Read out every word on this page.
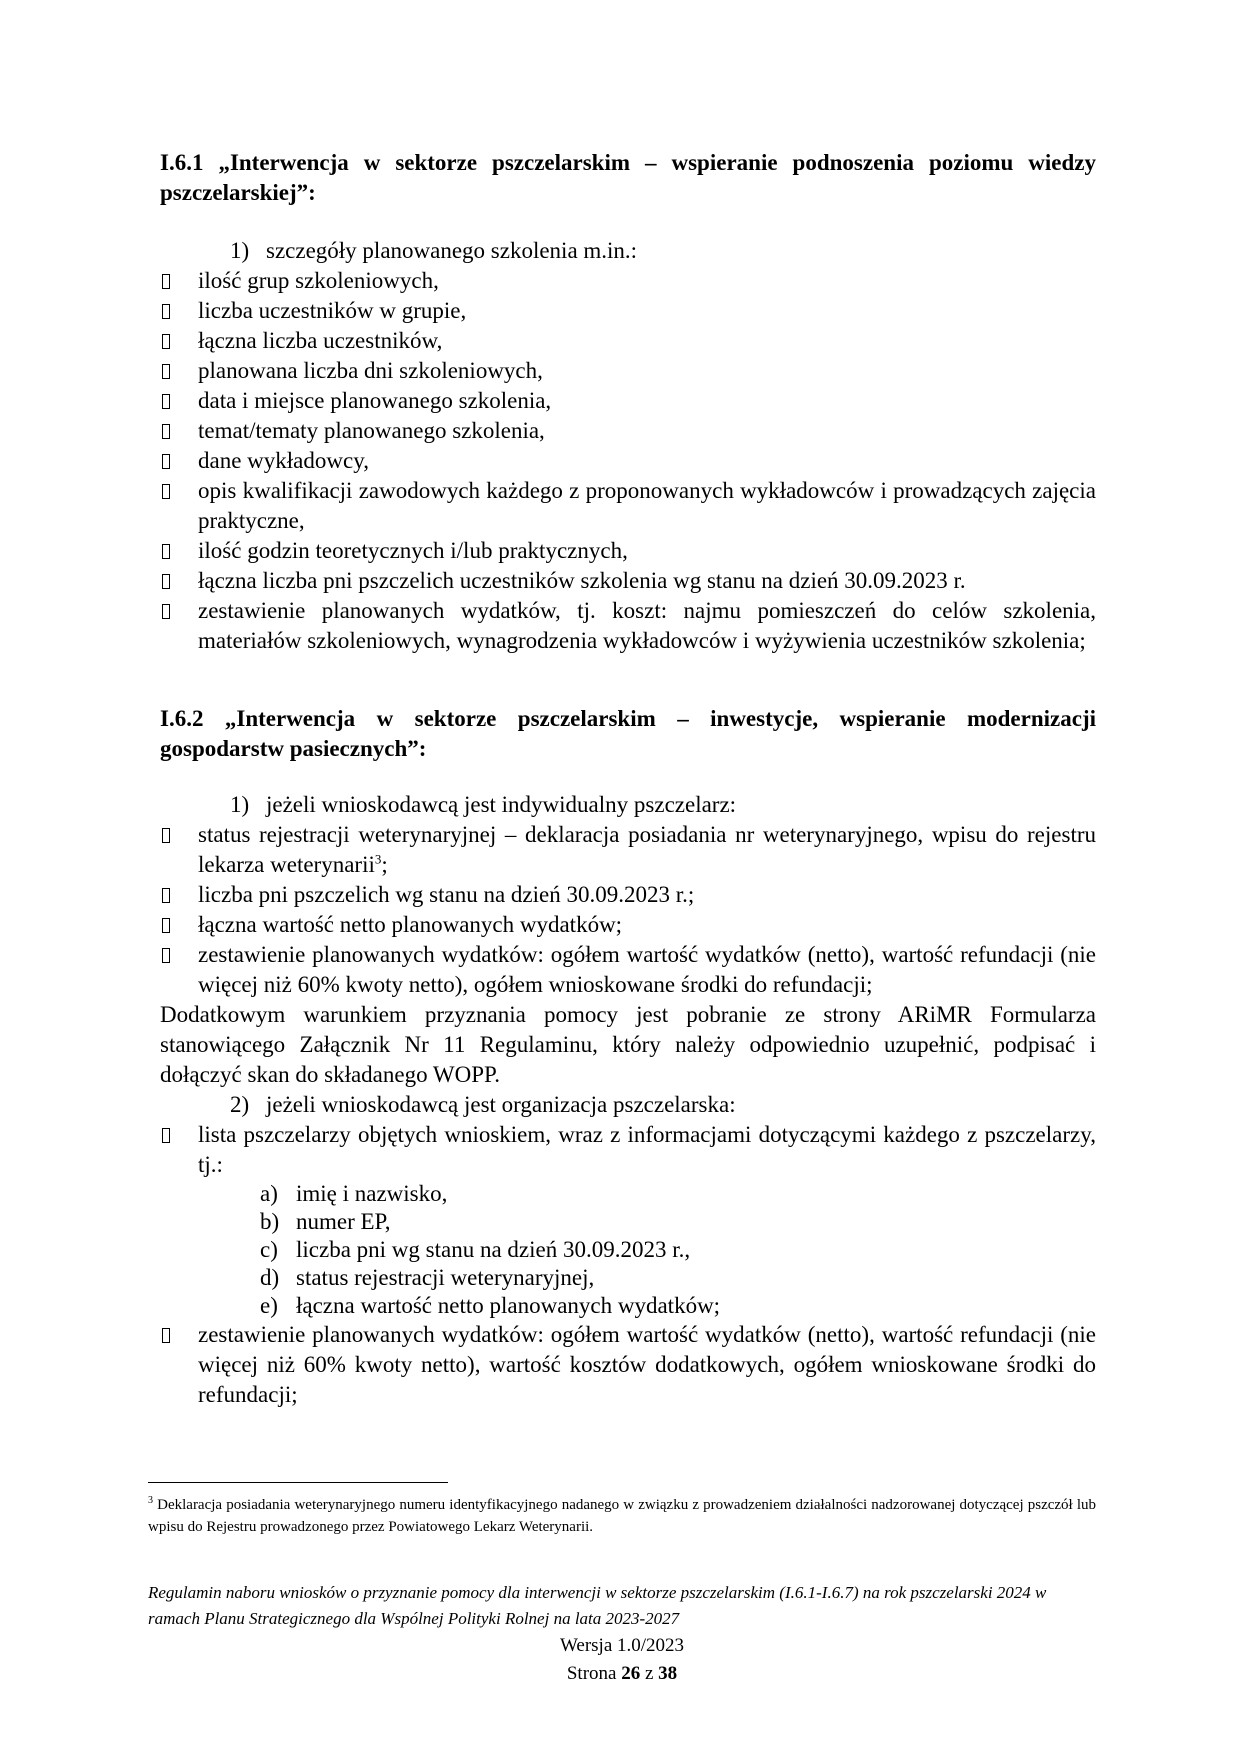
I.6.1 „Interwencja w sektorze pszczelarskim – wspieranie podnoszenia poziomu wiedzy pszczelarskiej”:

1) szczegóły planowanego szkolenia m.in.:

ilość grup szkoleniowych,
liczba uczestników w grupie,
łączna liczba uczestników,
planowana liczba dni szkoleniowych,
data i miejsce planowanego szkolenia,
temat/tematy planowanego szkolenia,
dane wykładowcy,
opis kwalifikacji zawodowych każdego z proponowanych wykładowców i prowadzących zajęcia praktyczne,
ilość godzin teoretycznych i/lub praktycznych,
łączna liczba pni pszczelich uczestników szkolenia wg stanu na dzień 30.09.2023 r.
zestawienie planowanych wydatków, tj. koszt: najmu pomieszczeń do celów szkolenia, materiałów szkoleniowych, wynagrodzenia wykładowców i wyżywienia uczestników szkolenia;

I.6.2 „Interwencja w sektorze pszczelarskim – inwestycje, wspieranie modernizacji gospodarstw pasiecznych”:

1) jeżeli wnioskodawcą jest indywidualny pszczelarz:

status rejestracji weterynaryjnej – deklaracja posiadania nr weterynaryjnego, wpisu do rejestru lekarza weterynarii$^3$;
liczba pni pszczelich wg stanu na dzień 30.09.2023 r.;
łączna wartość netto planowanych wydatków;
zestawienie planowanych wydatków: ogółem wartość wydatków (netto), wartość refundacji (nie więcej niż 60% kwoty netto), ogółem wnioskowane środki do refundacji;

Dodatkowym warunkiem przyznania pomocy jest pobranie ze strony ARiMR Formularza stanowiącego Załącznik Nr 11 Regulaminu, który należy odpowiednio uzupełnić, podpisać i dołączyć skan do składanego WOPP.

2) jeżeli wnioskodawcą jest organizacja pszczelarska:

lista pszczelarzy objętych wnioskiem, wraz z informacjami dotyczącymi każdego z pszczelarzy, tj.:
a) imię i nazwisko,
b) numer EP,
c) liczba pni wg stanu na dzień 30.09.2023 r.,
d) status rejestracji weterynaryjnej,
e) łączna wartość netto planowanych wydatków;
zestawienie planowanych wydatków: ogółem wartość wydatków (netto), wartość refundacji (nie więcej niż 60% kwoty netto), wartość kosztów dodatkowych, ogółem wnioskowane środki do refundacji;

$^3$ Deklaracja posiadania weterynaryjnego numeru identyfikacyjnego nadanego w związku z prowadzeniem działalności nadzorowanej dotyczącej pszczół lub wpisu do Rejestru prowadzonego przez Powiatowego Lekarz Weterynarii.

Regulamin naboru wniosków o przyznanie pomocy dla interwencji w sektorze pszczelarskim (I.6.1-I.6.7) na rok pszczelarski 2024 w ramach Planu Strategicznego dla Wspólnej Polityki Rolnej na lata 2023-2027

Wersja 1.0/2023

Strona 26 z 38
